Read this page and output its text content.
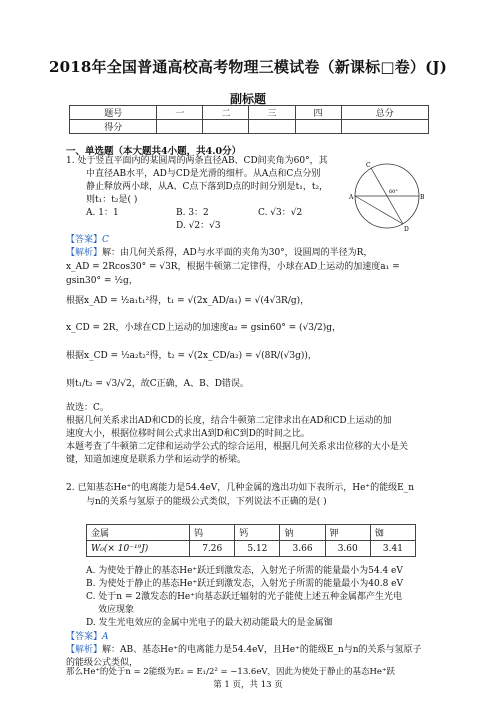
2018年全国普通高校高考物理三模试卷（新课标□卷）(J)
副标题
题号	一	二	三	四	总分
得分					
一、单选题（本大题共4小题，共4.0分）
1. 处于竖直平面内的某圆周的两条直径AB、CD间夹角为60°，其
中直径AB水平，AD与CD是光滑的细杆。从A点和C点分别
静止释放两小球，从A、C点下落到D点的时间分别是t₁，t₂，
则t₁：t₂是( )
A. 1：1	B. 3：2	C. √3：√2
D. √2：√3
A	B
C
D
60°
【答案】C
【解析】解：由几何关系得，AD与水平面的夹角为30°，设圆周的半径为R，
x_AD = 2Rcos30° = √3R，根据牛顿第二定律得，小球在AD上运动的加速度a₁ =
gsin30° = ½g，
根据x_AD = ½a₁t₁²得，t₁ = √(2x_AD/a₁) = √(4√3R/g)，
x_CD = 2R，小球在CD上运动的加速度a₂ = gsin60° = (√3/2)g，
根据x_CD = ½a₂t₂²得，t₂ = √(2x_CD/a₂) = √(8R/(√3g))，
则t₁/t₂ = √3/√2，故C正确，A、B、D错误。
故选：C。
根据几何关系求出AD和CD的长度，结合牛顿第二定律求出在AD和CD上运动的加
速度大小，根据位移时间公式求出A到D和C到D的时间之比。
本题考查了牛顿第二定律和运动学公式的综合运用，根据几何关系求出位移的大小是关
键，知道加速度是联系力学和运动学的桥梁。
2. 已知基态He⁺的电离能力是54.4eV，几种金属的逸出功如下表所示，He⁺的能级E_n
与n的关系与氢原子的能级公式类似，下列说法不正确的是( )
金属	钨	钙	钠	钾	铷
W₀(× 10⁻¹⁹J)	7.26	5.12	3.66	3.60	3.41
A. 为使处于静止的基态He⁺跃迁到激发态，入射光子所需的能量最小为54.4 eV
B. 为使处于静止的基态He⁺跃迁到激发态，入射光子所需的能量最小为40.8 eV
C. 处于n = 2激发态的He⁺向基态跃迁辐射的光子能使上述五种金属都产生光电
效应现象
D. 发生光电效应的金属中光电子的最大初动能最大的是金属铷
【答案】A
【解析】解：AB、基态He⁺的电离能力是54.4eV，且He⁺的能级E_n与n的关系与氢原子
的能级公式类似，
那么He⁺的处于n = 2能级为E₂ = E₁/2² = −13.6eV，因此为使处于静止的基态He⁺跃
第 1 页，共 13 页
